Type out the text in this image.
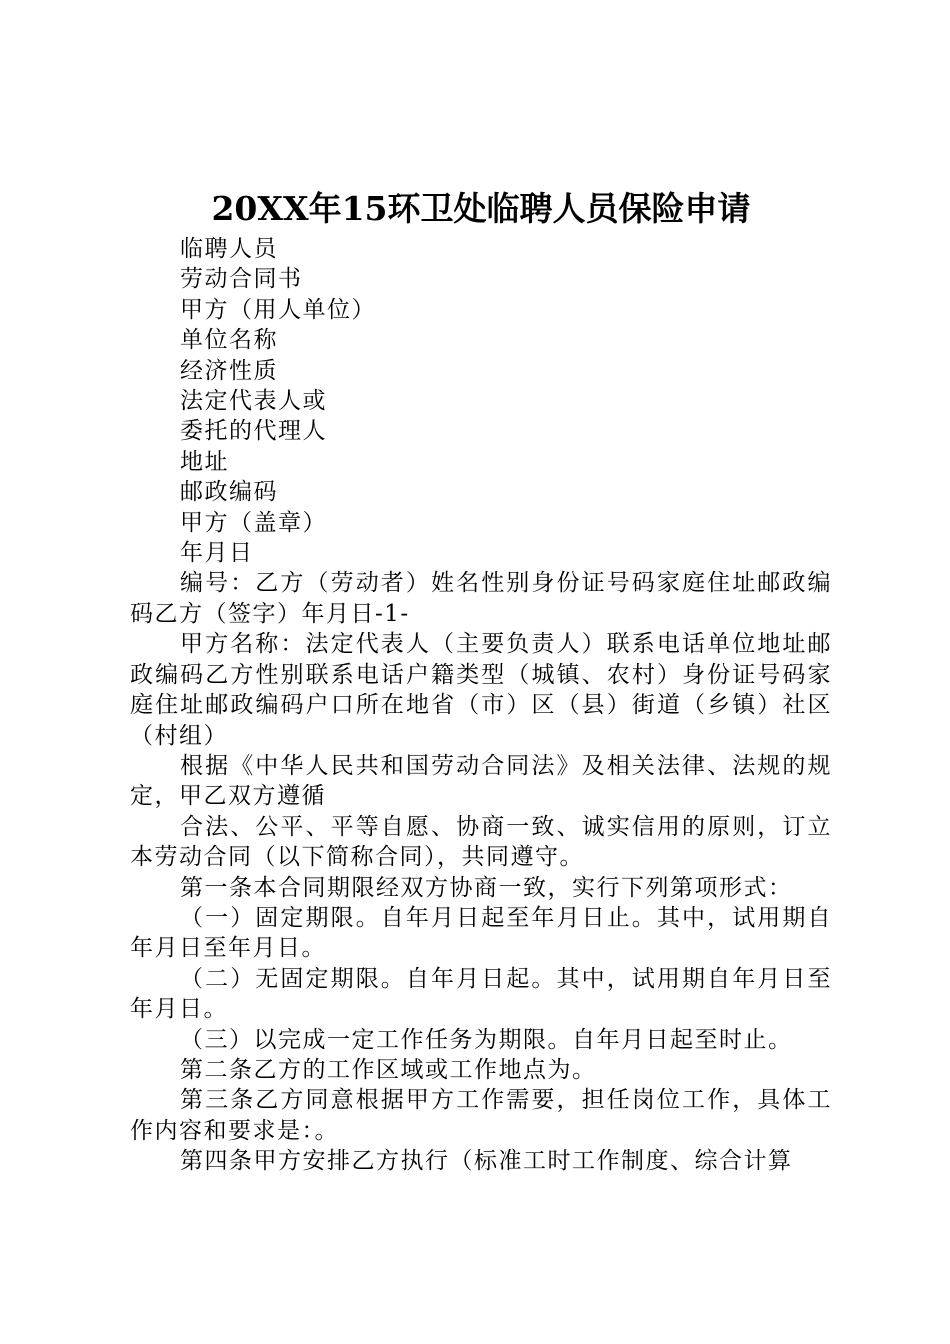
20XX年15环卫处临聘人员保险申请

临聘人员

劳动合同书

甲方（用人单位）

单位名称

经济性质

法定代表人或

委托的代理人

地址

邮政编码

甲方（盖章）

年月日

编号：乙方（劳动者）姓名性别身份证号码家庭住址邮政编码乙方（签字）年月日-1-

甲方名称：法定代表人（主要负责人）联系电话单位地址邮政编码乙方性别联系电话户籍类型（城镇、农村）身份证号码家庭住址邮政编码户口所在地省（市）区（县）街道（乡镇）社区（村组）

根据《中华人民共和国劳动合同法》及相关法律、法规的规定，甲乙双方遵循

合法、公平、平等自愿、协商一致、诚实信用的原则，订立本劳动合同（以下简称合同），共同遵守。

第一条本合同期限经双方协商一致，实行下列第项形式：

（一）固定期限。自年月日起至年月日止。其中，试用期自年月日至年月日。

（二）无固定期限。自年月日起。其中，试用期自年月日至年月日。

（三）以完成一定工作任务为期限。自年月日起至时止。

第二条乙方的工作区域或工作地点为。

第三条乙方同意根据甲方工作需要，担任岗位工作，具体工作内容和要求是：。

第四条甲方安排乙方执行（标准工时工作制度、综合计算
